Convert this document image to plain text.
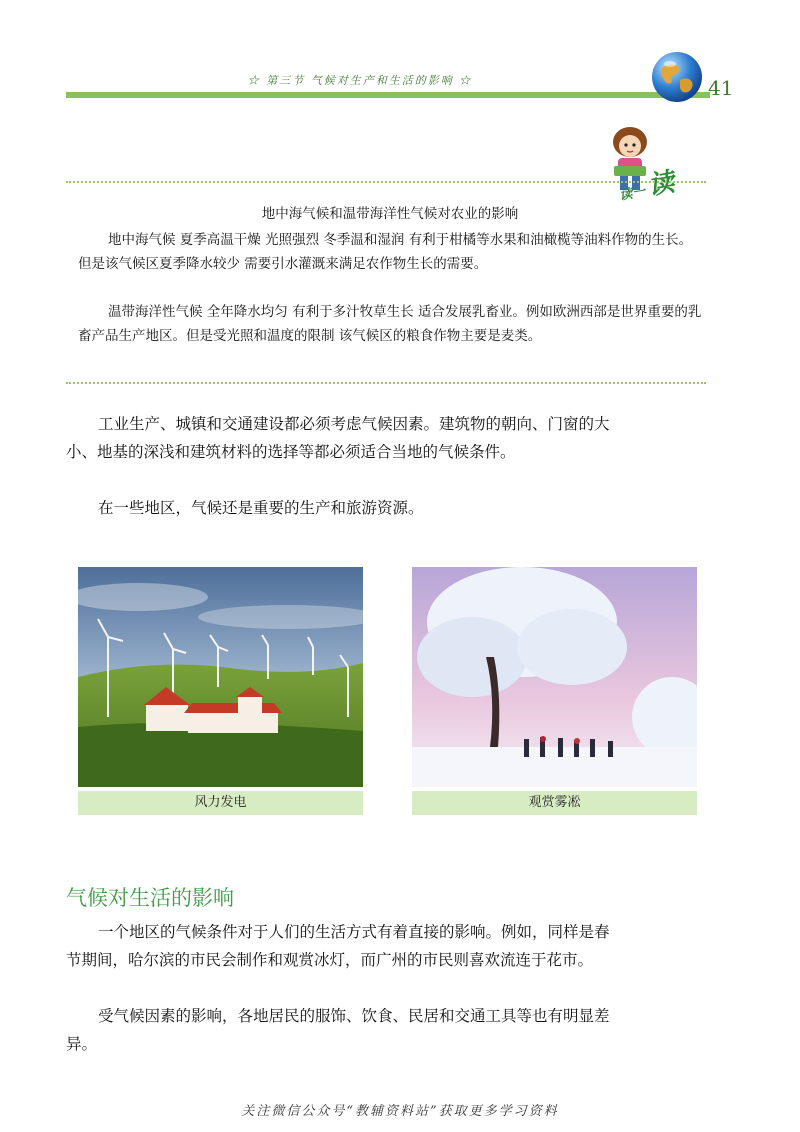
☆ 第三节 气候对生产和生活的影响 ☆	41
读一读
地中海气候和温带海洋性气候对农业的影响

地中海气候 夏季高温干燥 光照强烈 冬季温和湿润 有利于柑橘等水果和油橄榄等油料作物的生长。但是该气候区夏季降水较少 需要引水灌溉来满足农作物生长的需要。

温带海洋性气候 全年降水均匀 有利于多汁牧草生长 适合发展乳畜业。例如欧洲西部是世界重要的乳畜产品生产地区。但是受光照和温度的限制 该气候区的粮食作物主要是麦类。

工业生产、城镇和交通建设都必须考虑气候因素。建筑物的朝向、门窗的大小、地基的深浅和建筑材料的选择等都必须适合当地的气候条件。

在一些地区，气候还是重要的生产和旅游资源。

风力发电	观赏雾凇
气候对生活的影响

一个地区的气候条件对于人们的生活方式有着直接的影响。例如，同样是春节期间，哈尔滨的市民会制作和观赏冰灯，而广州的市民则喜欢流连于花市。

受气候因素的影响，各地居民的服饰、饮食、民居和交通工具等也有明显差异。

关注微信公众号“教辅资料站”获取更多学习资料
